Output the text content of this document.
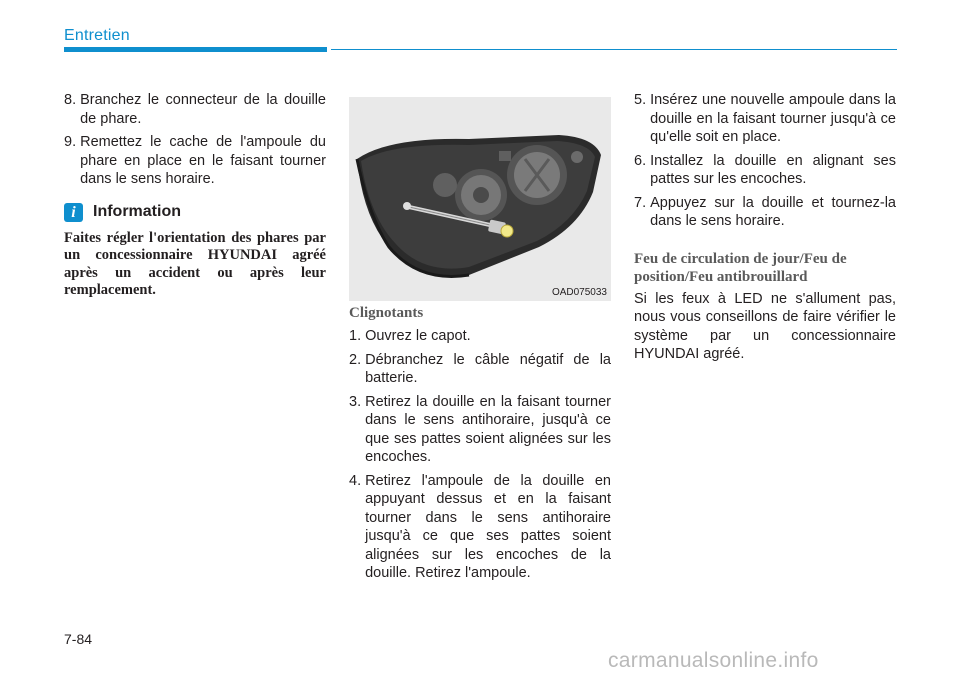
Entretien
8. Branchez le connecteur de la douille de phare.
9. Remettez le cache de l'ampoule du phare en place en le faisant tourner dans le sens horaire.
i	Information
Faites régler l'orientation des phares par un concessionnaire HYUNDAI agréé après un accident ou après leur remplacement.	OAD075033
Clignotants
1. Ouvrez le capot.
2. Débranchez le câble négatif de la batterie.
3. Retirez la douille en la faisant tourner dans le sens antihoraire, jusqu'à ce que ses pattes soient alignées sur les encoches.
4. Retirez l'ampoule de la douille en appuyant dessus et en la faisant tourner dans le sens antihoraire jusqu'à ce que ses pattes soient alignées sur les encoches de la douille. Retirez l'ampoule.
5. Insérez une nouvelle ampoule dans la douille en la faisant tourner jusqu'à ce qu'elle soit en place.
6. Installez la douille en alignant ses pattes sur les encoches.
7. Appuyez sur la douille et tournez-la dans le sens horaire.
Feu de circulation de jour/Feu de position/Feu antibrouillard
Si les feux à LED ne s'allument pas, nous vous conseillons de faire vérifier le système par un concessionnaire HYUNDAI agréé.
7-84
carmanualsonline.info
